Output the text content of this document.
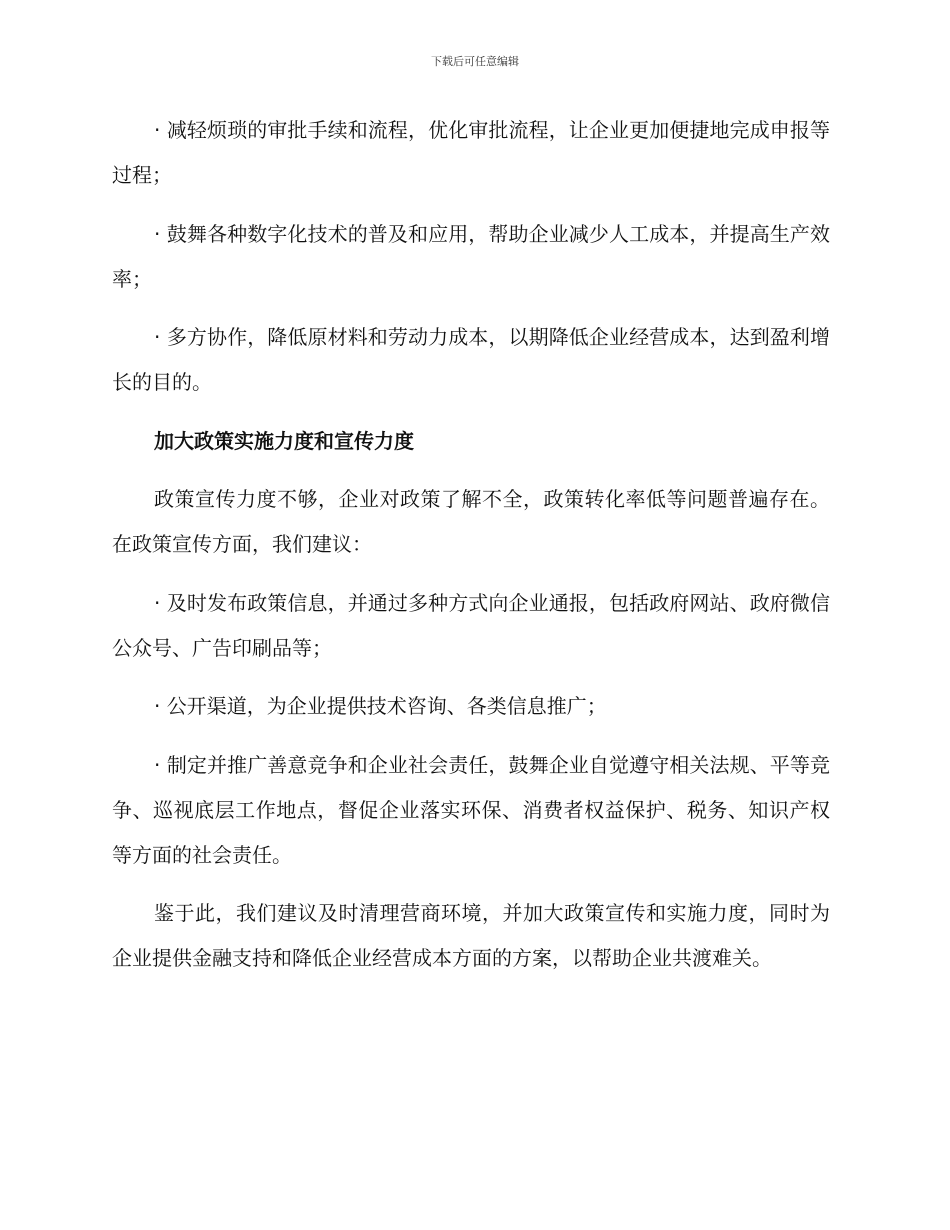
下载后可任意编辑

· 减轻烦琐的审批手续和流程，优化审批流程，让企业更加便捷地完成申报等过程；

· 鼓舞各种数字化技术的普及和应用，帮助企业减少人工成本，并提高生产效率；

· 多方协作，降低原材料和劳动力成本，以期降低企业经营成本，达到盈利增长的目的。

加大政策实施力度和宣传力度

政策宣传力度不够，企业对政策了解不全，政策转化率低等问题普遍存在。在政策宣传方面，我们建议：

· 及时发布政策信息，并通过多种方式向企业通报，包括政府网站、政府微信公众号、广告印刷品等；

· 公开渠道，为企业提供技术咨询、各类信息推广；

· 制定并推广善意竞争和企业社会责任，鼓舞企业自觉遵守相关法规、平等竞争、巡视底层工作地点，督促企业落实环保、消费者权益保护、税务、知识产权等方面的社会责任。

鉴于此，我们建议及时清理营商环境，并加大政策宣传和实施力度，同时为企业提供金融支持和降低企业经营成本方面的方案，以帮助企业共渡难关。
